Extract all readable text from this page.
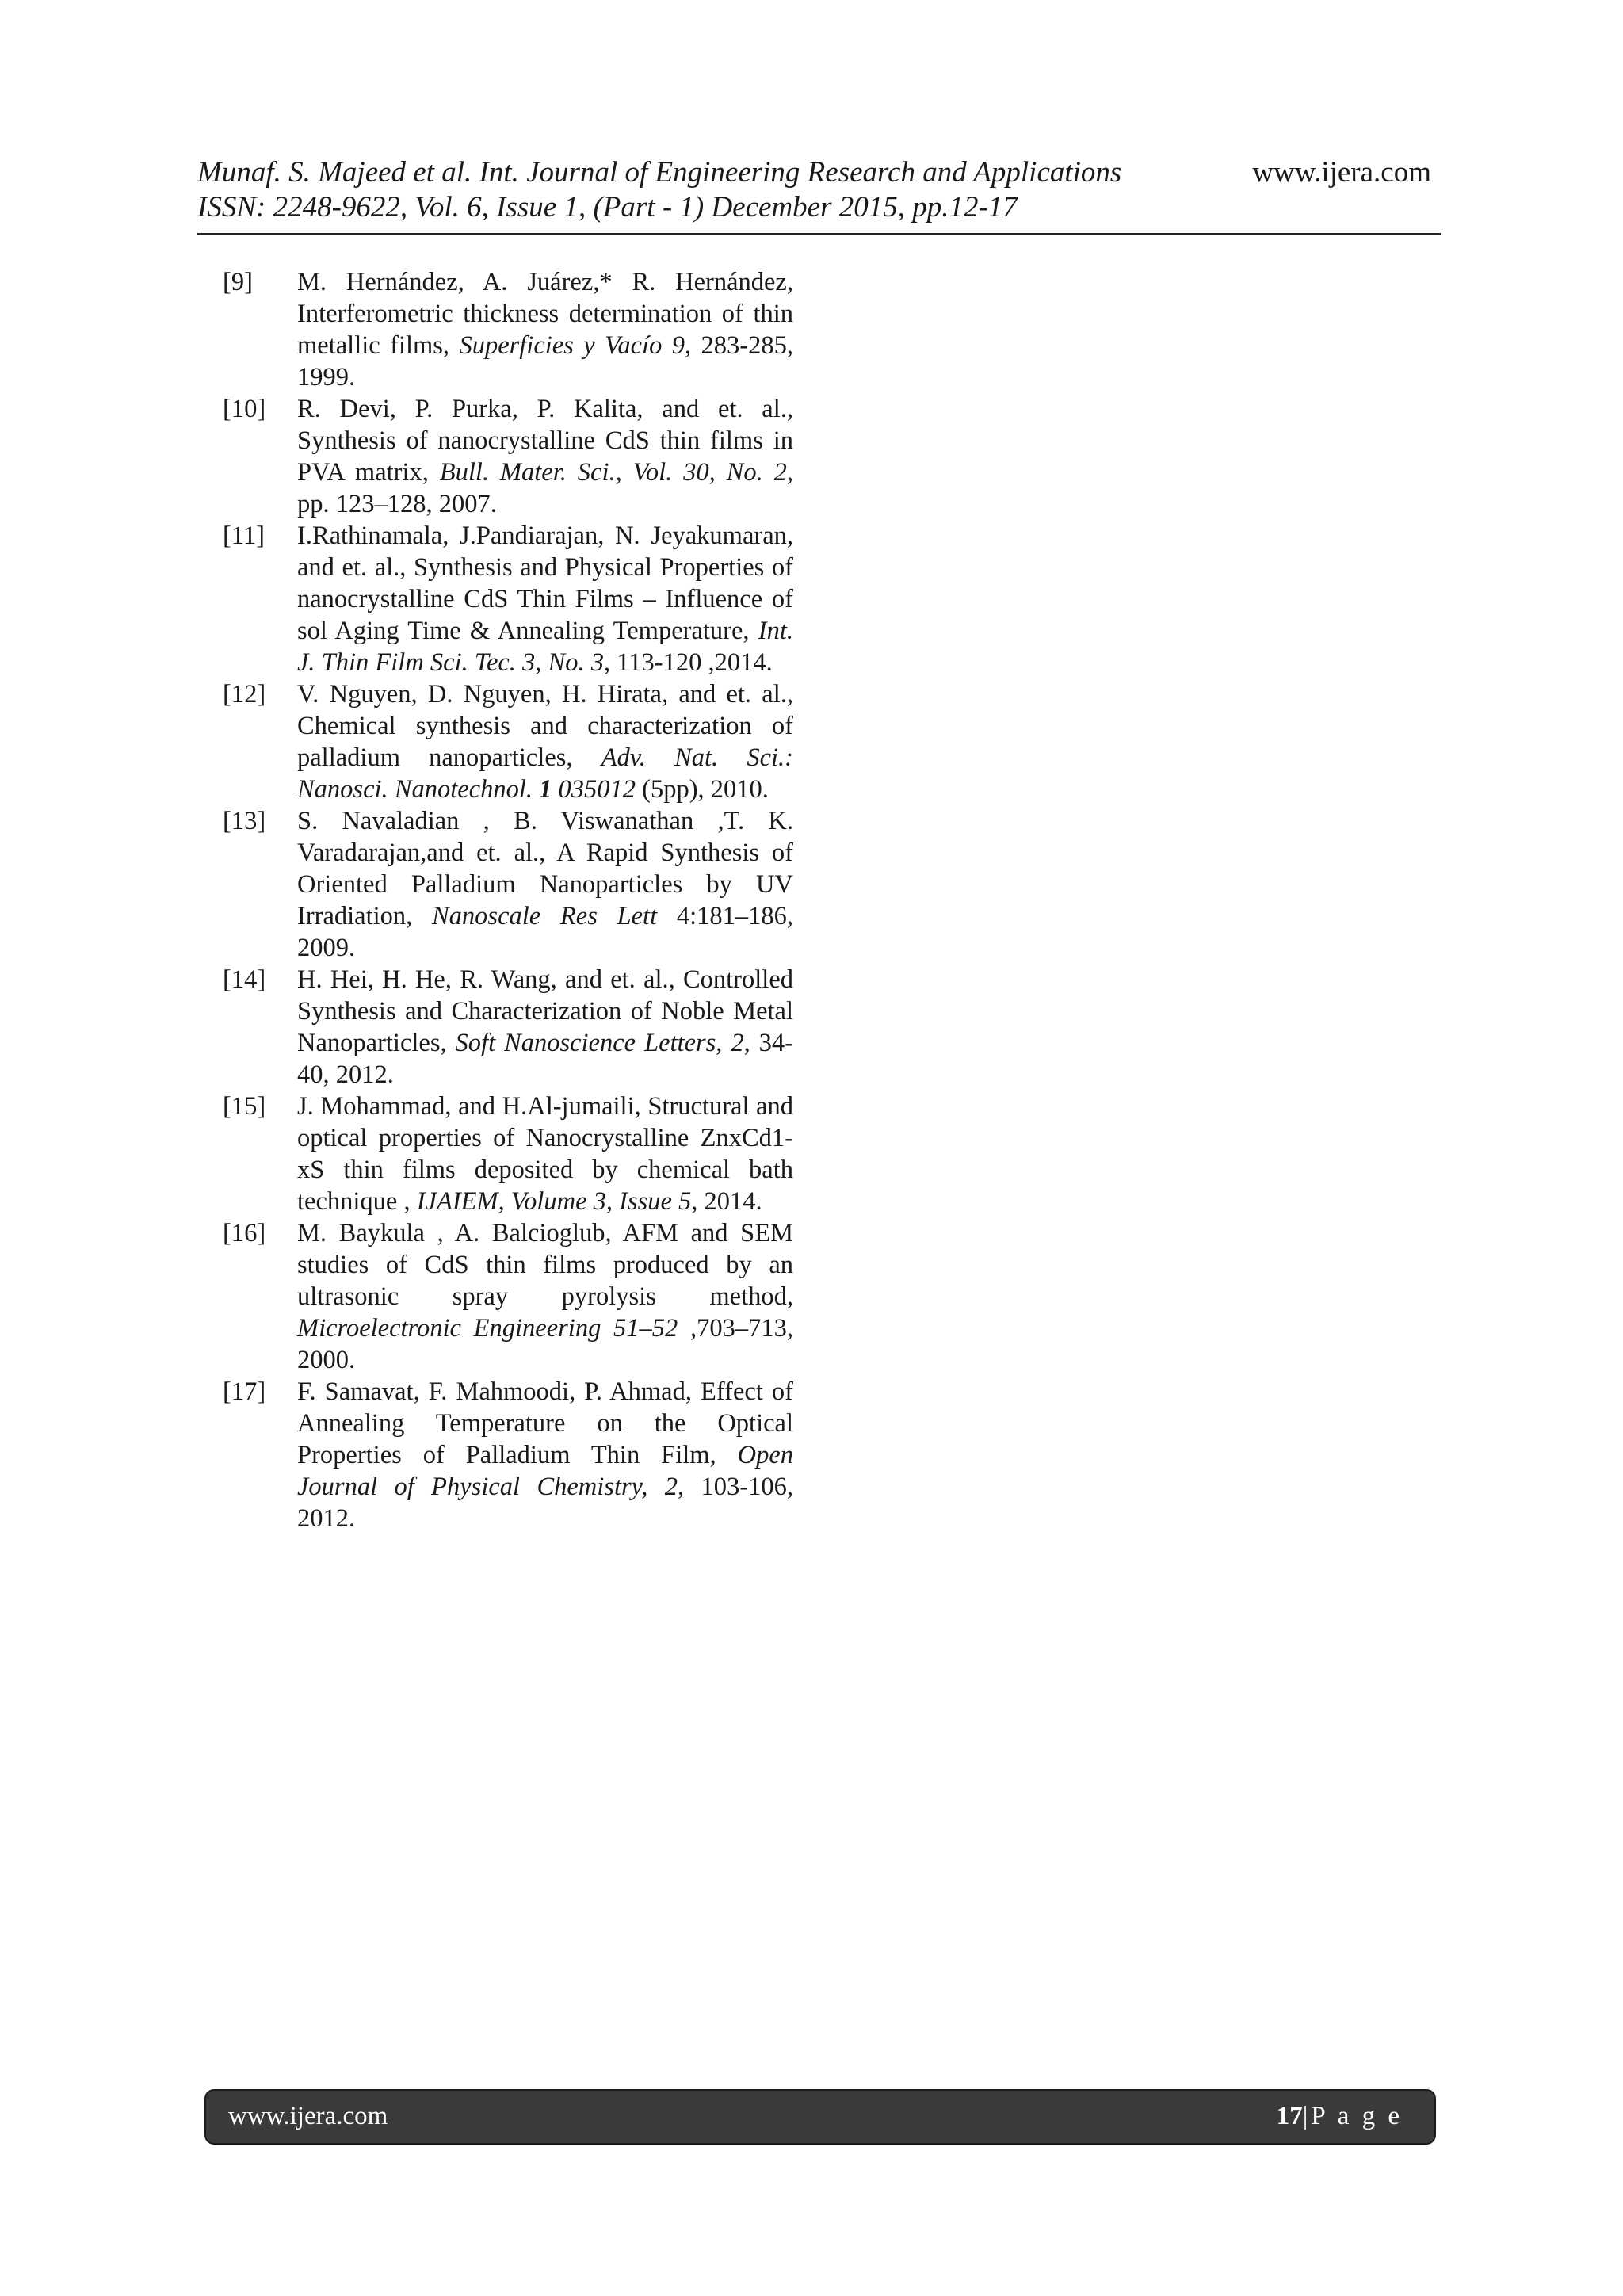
Munaf. S. Majeed et al. Int. Journal of Engineering Research and Applications
ISSN: 2248-9622, Vol. 6, Issue 1, (Part - 1) December 2015, pp.12-17
www.ijera.com
[9]	M. Hernández, A. Juárez,* R. Hernández, Interferometric thickness determination of thin metallic films, Superficies y Vacío 9, 283-285, 1999.
[10]	R. Devi, P. Purka, P. Kalita, and et. al., Synthesis of nanocrystalline CdS thin films in PVA matrix, Bull. Mater. Sci., Vol. 30, No. 2, pp. 123–128, 2007.
[11]	I.Rathinamala, J.Pandiarajan, N. Jeyakumaran, and et. al., Synthesis and Physical Properties of nanocrystalline CdS Thin Films – Influence of sol Aging Time & Annealing Temperature, Int. J. Thin Film Sci. Tec. 3, No. 3, 113-120 ,2014.
[12]	V. Nguyen, D. Nguyen, H. Hirata, and et. al., Chemical synthesis and characterization of palladium nanoparticles, Adv. Nat. Sci.: Nanosci. Nanotechnol. 1 035012 (5pp), 2010.
[13]	S. Navaladian , B. Viswanathan ,T. K. Varadarajan,and et. al., A Rapid Synthesis of Oriented Palladium Nanoparticles by UV Irradiation, Nanoscale Res Lett 4:181–186, 2009.
[14]	H. Hei, H. He, R. Wang, and et. al., Controlled Synthesis and Characterization of Noble Metal Nanoparticles, Soft Nanoscience Letters, 2, 34-40, 2012.
[15]	J. Mohammad, and H.Al-jumaili, Structural and optical properties of Nanocrystalline ZnxCd1-xS thin films deposited by chemical bath technique , IJAIEM, Volume 3, Issue 5, 2014.
[16]	M. Baykula , A. Balcioglub, AFM and SEM studies of CdS thin films produced by an ultrasonic spray pyrolysis method, Microelectronic Engineering 51–52 ,703–713, 2000.
[17]	F. Samavat, F. Mahmoodi, P. Ahmad, Effect of Annealing Temperature on the Optical Properties of Palladium Thin Film, Open Journal of Physical Chemistry, 2, 103-106, 2012.
www.ijera.com	17|P a g e
